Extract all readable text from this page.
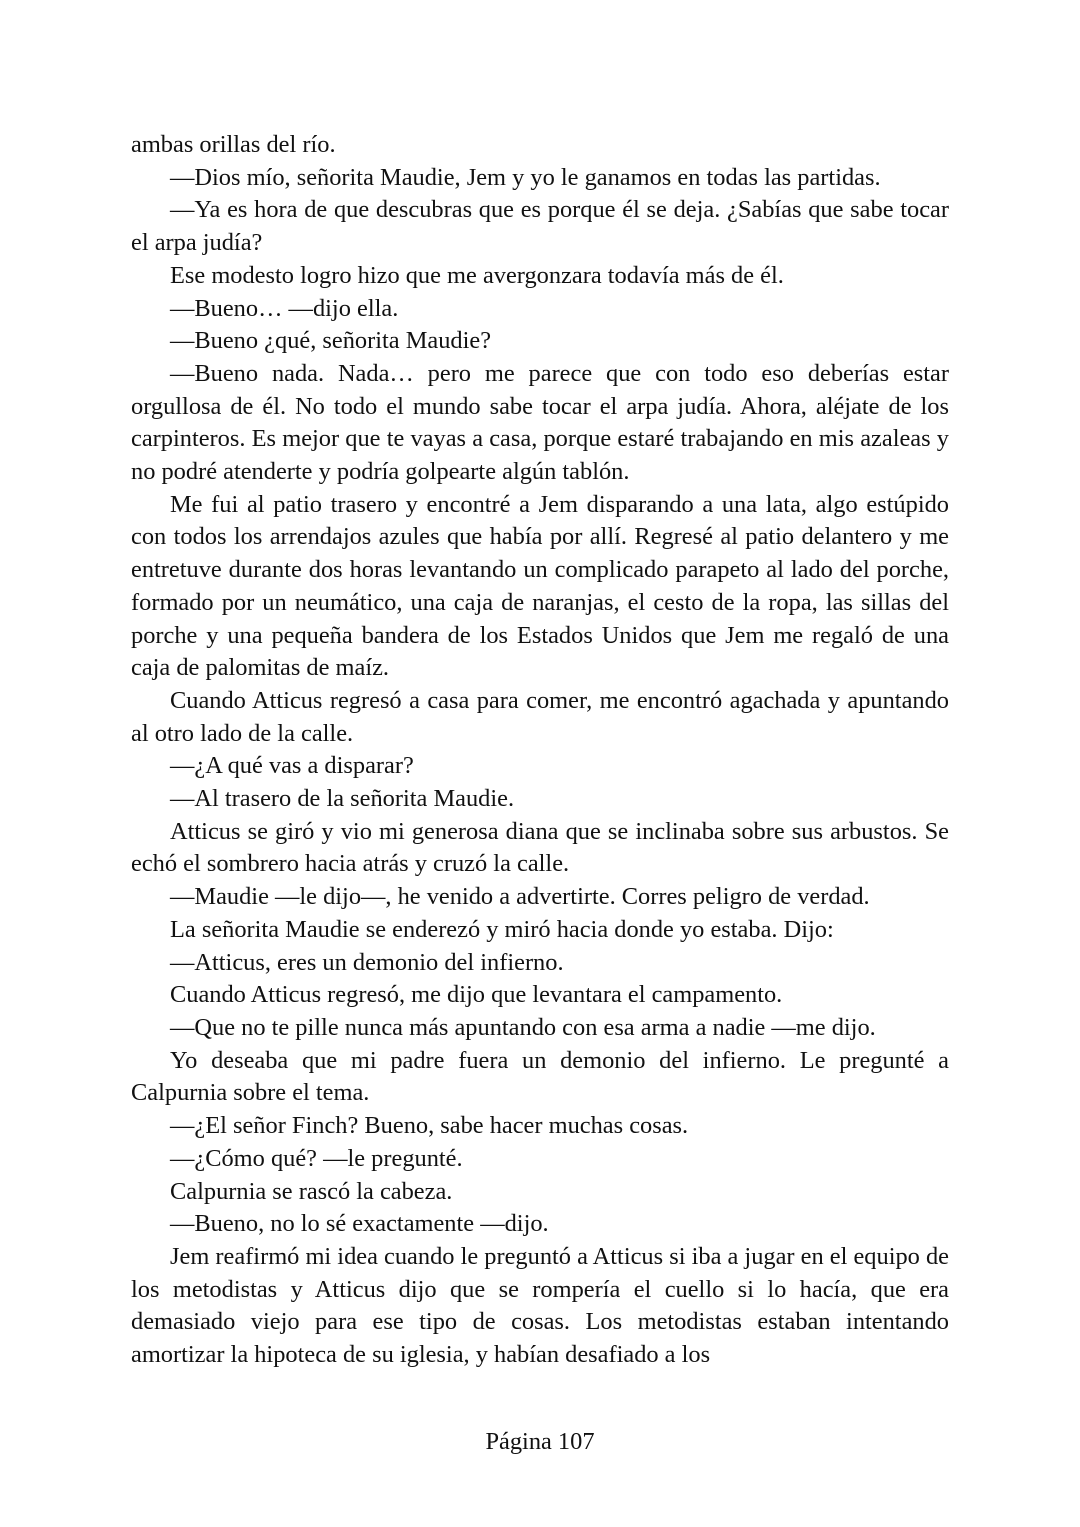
ambas orillas del río.

—Dios mío, señorita Maudie, Jem y yo le ganamos en todas las partidas.

—Ya es hora de que descubras que es porque él se deja. ¿Sabías que sabe tocar el arpa judía?

Ese modesto logro hizo que me avergonzara todavía más de él.

—Bueno… —dijo ella.

—Bueno ¿qué, señorita Maudie?

—Bueno nada. Nada… pero me parece que con todo eso deberías estar orgullosa de él. No todo el mundo sabe tocar el arpa judía. Ahora, aléjate de los carpinteros. Es mejor que te vayas a casa, porque estaré trabajando en mis azaleas y no podré atenderte y podría golpearte algún tablón.

Me fui al patio trasero y encontré a Jem disparando a una lata, algo estúpido con todos los arrendajos azules que había por allí. Regresé al patio delantero y me entretuve durante dos horas levantando un complicado parapeto al lado del porche, formado por un neumático, una caja de naranjas, el cesto de la ropa, las sillas del porche y una pequeña bandera de los Estados Unidos que Jem me regaló de una caja de palomitas de maíz.

Cuando Atticus regresó a casa para comer, me encontró agachada y apuntando al otro lado de la calle.

—¿A qué vas a disparar?

—Al trasero de la señorita Maudie.

Atticus se giró y vio mi generosa diana que se inclinaba sobre sus arbustos. Se echó el sombrero hacia atrás y cruzó la calle.

—Maudie —le dijo—, he venido a advertirte. Corres peligro de verdad.

La señorita Maudie se enderezó y miró hacia donde yo estaba. Dijo:

—Atticus, eres un demonio del infierno.

Cuando Atticus regresó, me dijo que levantara el campamento.

—Que no te pille nunca más apuntando con esa arma a nadie —me dijo.

Yo deseaba que mi padre fuera un demonio del infierno. Le pregunté a Calpurnia sobre el tema.

—¿El señor Finch? Bueno, sabe hacer muchas cosas.

—¿Cómo qué? —le pregunté.

Calpurnia se rascó la cabeza.

—Bueno, no lo sé exactamente —dijo.

Jem reafirmó mi idea cuando le preguntó a Atticus si iba a jugar en el equipo de los metodistas y Atticus dijo que se rompería el cuello si lo hacía, que era demasiado viejo para ese tipo de cosas. Los metodistas estaban intentando amortizar la hipoteca de su iglesia, y habían desafiado a los

Página 107
